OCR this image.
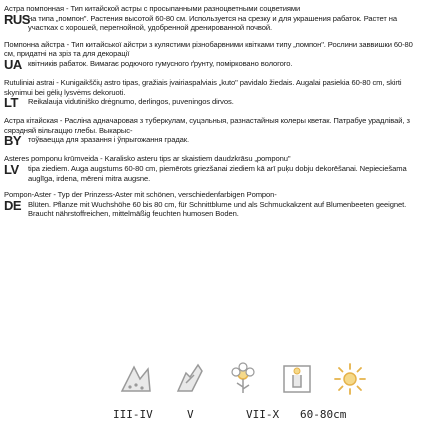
Астра помпонная - Тип китайской астры с просыпанными разнoцветными соцветиями

RUS
на типа „помпон". Растения высотой 60-80 см. Используется на срезку и для украшения рабаток. Растет на участках с хорошей, перегнойной, удобренной дренированной почвой.

Помпонна айстра - Тип китайської айстри з кулястими різнобарвними квітками типу „помпон". Рослини заввишки 60-80 см, придатні на зріз та для декорації

UA квітників рабаток. Вимагає родючого гумусного ґрунту, помірковано вологого.

Rutuliniai astrai - Kunigaikščių astro tipas, gražiais įvairiaspalviais „kuto" pavidalo žiedais. Augalai pasiekia 60-80 cm, skirti skynimui bei gėlių lysvėms dekoruoti.

LT	Reikalauja vidutiniško drėgnumo, derlingos, puveningos dirvos.

Астра кітайская - Расліна адначаровая з туберкулам, суцэльныя, разнастайныя колеры кветак. Патрабуе урадлівай, з сярэдняй вільгаццю глебы. Выкарыс-

BY тоўваецца для зразання і ўпрыгожання градак.

Asteres pomponu krūmveida - Karalisko asteru tips ar skaistiem daudzkrāsu „pomponu"

LV	tipa ziediem. Auga augstums 60-80 cm, piemērots griezšanai ziediem kā arī puķu dobju dekorēšanai. Nepieciešama auglīga, irdena, mēreni mitra augsne.

Pompon-Aster - Typ der Prinzess-Aster mit schönen, verschiedenfarbigen Pompon-

DE Blüten. Pflanze mit Wuchshöhe 60 bis 80 cm, für Schnittblume und als Schmuckakzent auf Blumenbeeten geeignet. Braucht nährstoffreichen, mittelmäßig feuchten humosen Boden.
III-IV	V	VII-X 60-80cm
